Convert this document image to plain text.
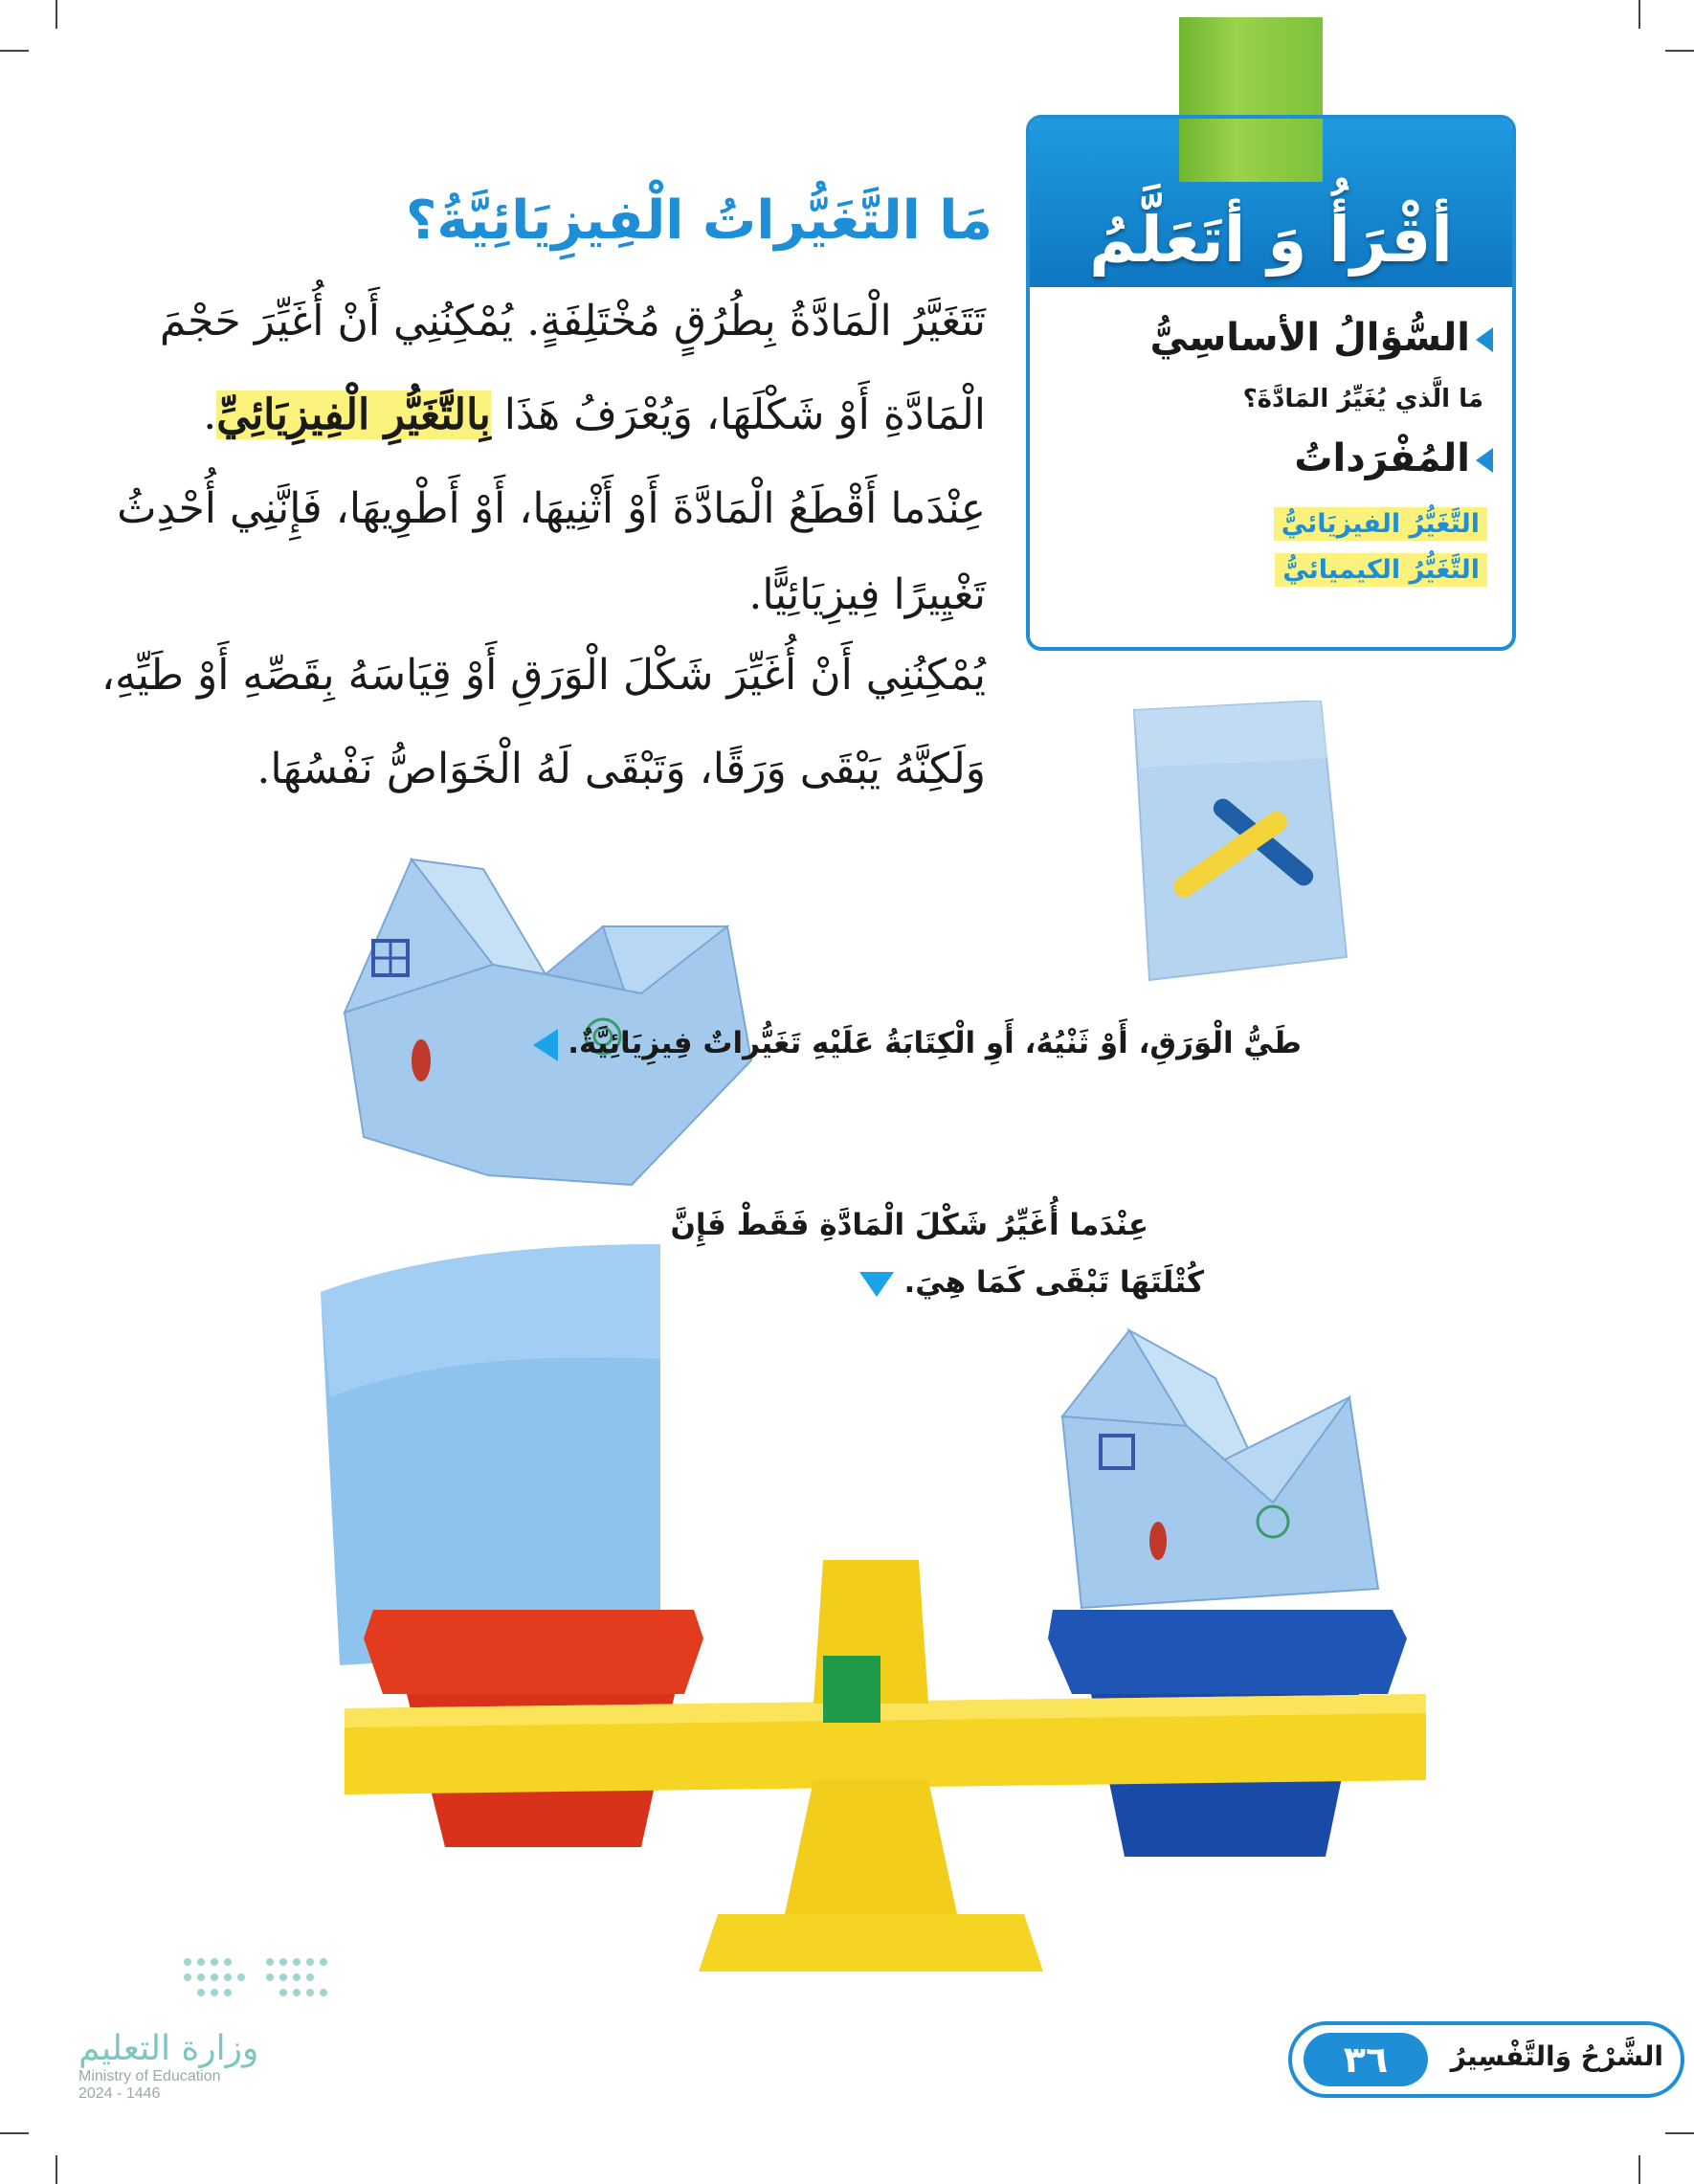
أقْرَأُ وَ أتَعَلَّمُ
السُّؤالُ الأساسِيُّ
مَا الَّذي يُغَيِّرُ المَادَّةَ؟
المُفْرَداتُ
التَّغَيُّرُ الفيزيَائيُّ
التَّغَيُّرُ الكيميائيُّ
مَا التَّغَيُّراتُ الْفِيزِيَائِيَّةُ؟
تَتَغَيَّرُ الْمَادَّةُ بِطُرُقٍ مُخْتَلِفَةٍ. يُمْكِنُنِي أَنْ أُغَيِّرَ حَجْمَ
الْمَادَّةِ أَوْ شَكْلَهَا، وَيُعْرَفُ هَذَا بِالتَّغَيُّرِ الْفِيزِيَائِيِّ.
عِنْدَما أَقْطَعُ الْمَادَّةَ أَوْ أَثْنِيهَا، أَوْ أَطْوِيهَا، فَإِنَّنِي أُحْدِثُ
تَغْيِيرًا فِيزِيَائِيًّا.
يُمْكِنُنِي أَنْ أُغَيِّرَ شَكْلَ الْوَرَقِ أَوْ قِيَاسَهُ بِقَصِّهِ أَوْ طَيِّهِ،
وَلَكِنَّهُ يَبْقَى وَرَقًا، وَتَبْقَى لَهُ الْخَوَاصُّ نَفْسُهَا.
طَيُّ الْوَرَقِ، أَوْ ثَنْيُهُ، أَوِ الْكِتَابَةُ عَلَيْهِ تَغَيُّراتٌ فِيزِيَائِيَّةٌ.
عِنْدَما أُغَيِّرُ شَكْلَ الْمَادَّةِ فَقَطْ فَإِنَّ
كُتْلَتَهَا تَبْقَى كَمَا هِيَ.
وزارة التعليم
Ministry of Education
2024 - 1446
٣٦	الشَّرْحُ وَالتَّفْسِيرُ
